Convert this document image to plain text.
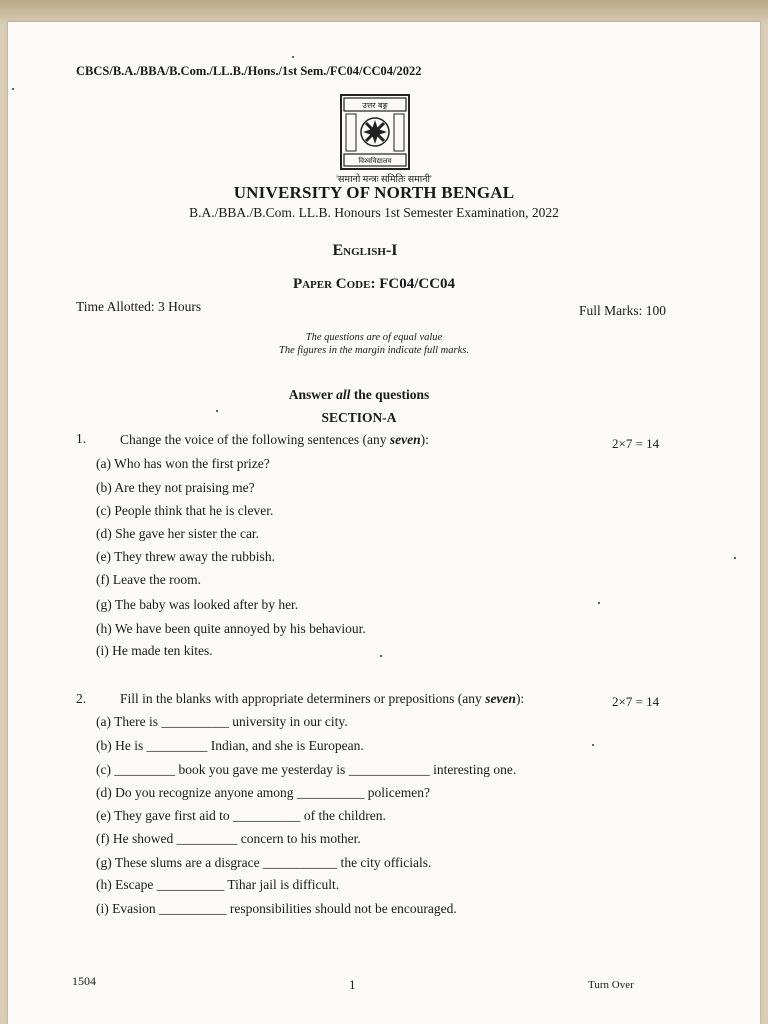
CBCS/B.A./BBA/B.Com./LL.B./Hons./1st Sem./FC04/CC04/2022
उत्तर बङ्ग
विश्वविद्यालय
'समानो मन्त्रः समितिः समानी'
UNIVERSITY OF NORTH BENGAL
B.A./BBA./B.Com. LL.B. Honours 1st Semester Examination, 2022
English-I
Paper Code: FC04/CC04
Time Allotted: 3 Hours	Full Marks: 100
The questions are of equal value
The figures in the margin indicate full marks.
Answer all the questions
SECTION-A
1.	Change the voice of the following sentences (any seven):	2×7 = 14
(a) Who has won the first prize?
(b) Are they not praising me?
(c) People think that he is clever.
(d) She gave her sister the car.
(e) They threw away the rubbish.
(f) Leave the room.
(g) The baby was looked after by her.
(h) We have been quite annoyed by his behaviour.
(i) He made ten kites.
2.	Fill in the blanks with appropriate determiners or prepositions (any seven):	2×7 = 14
(a) There is __________ university in our city.
(b) He is _________ Indian, and she is European.
(c) _________ book you gave me yesterday is ____________ interesting one.
(d) Do you recognize anyone among __________ policemen?
(e) They gave first aid to __________ of the children.
(f) He showed _________ concern to his mother.
(g) These slums are a disgrace ___________ the city officials.
(h) Escape __________ Tihar jail is difficult.
(i) Evasion __________ responsibilities should not be encouraged.
1504	1	Turn Over
